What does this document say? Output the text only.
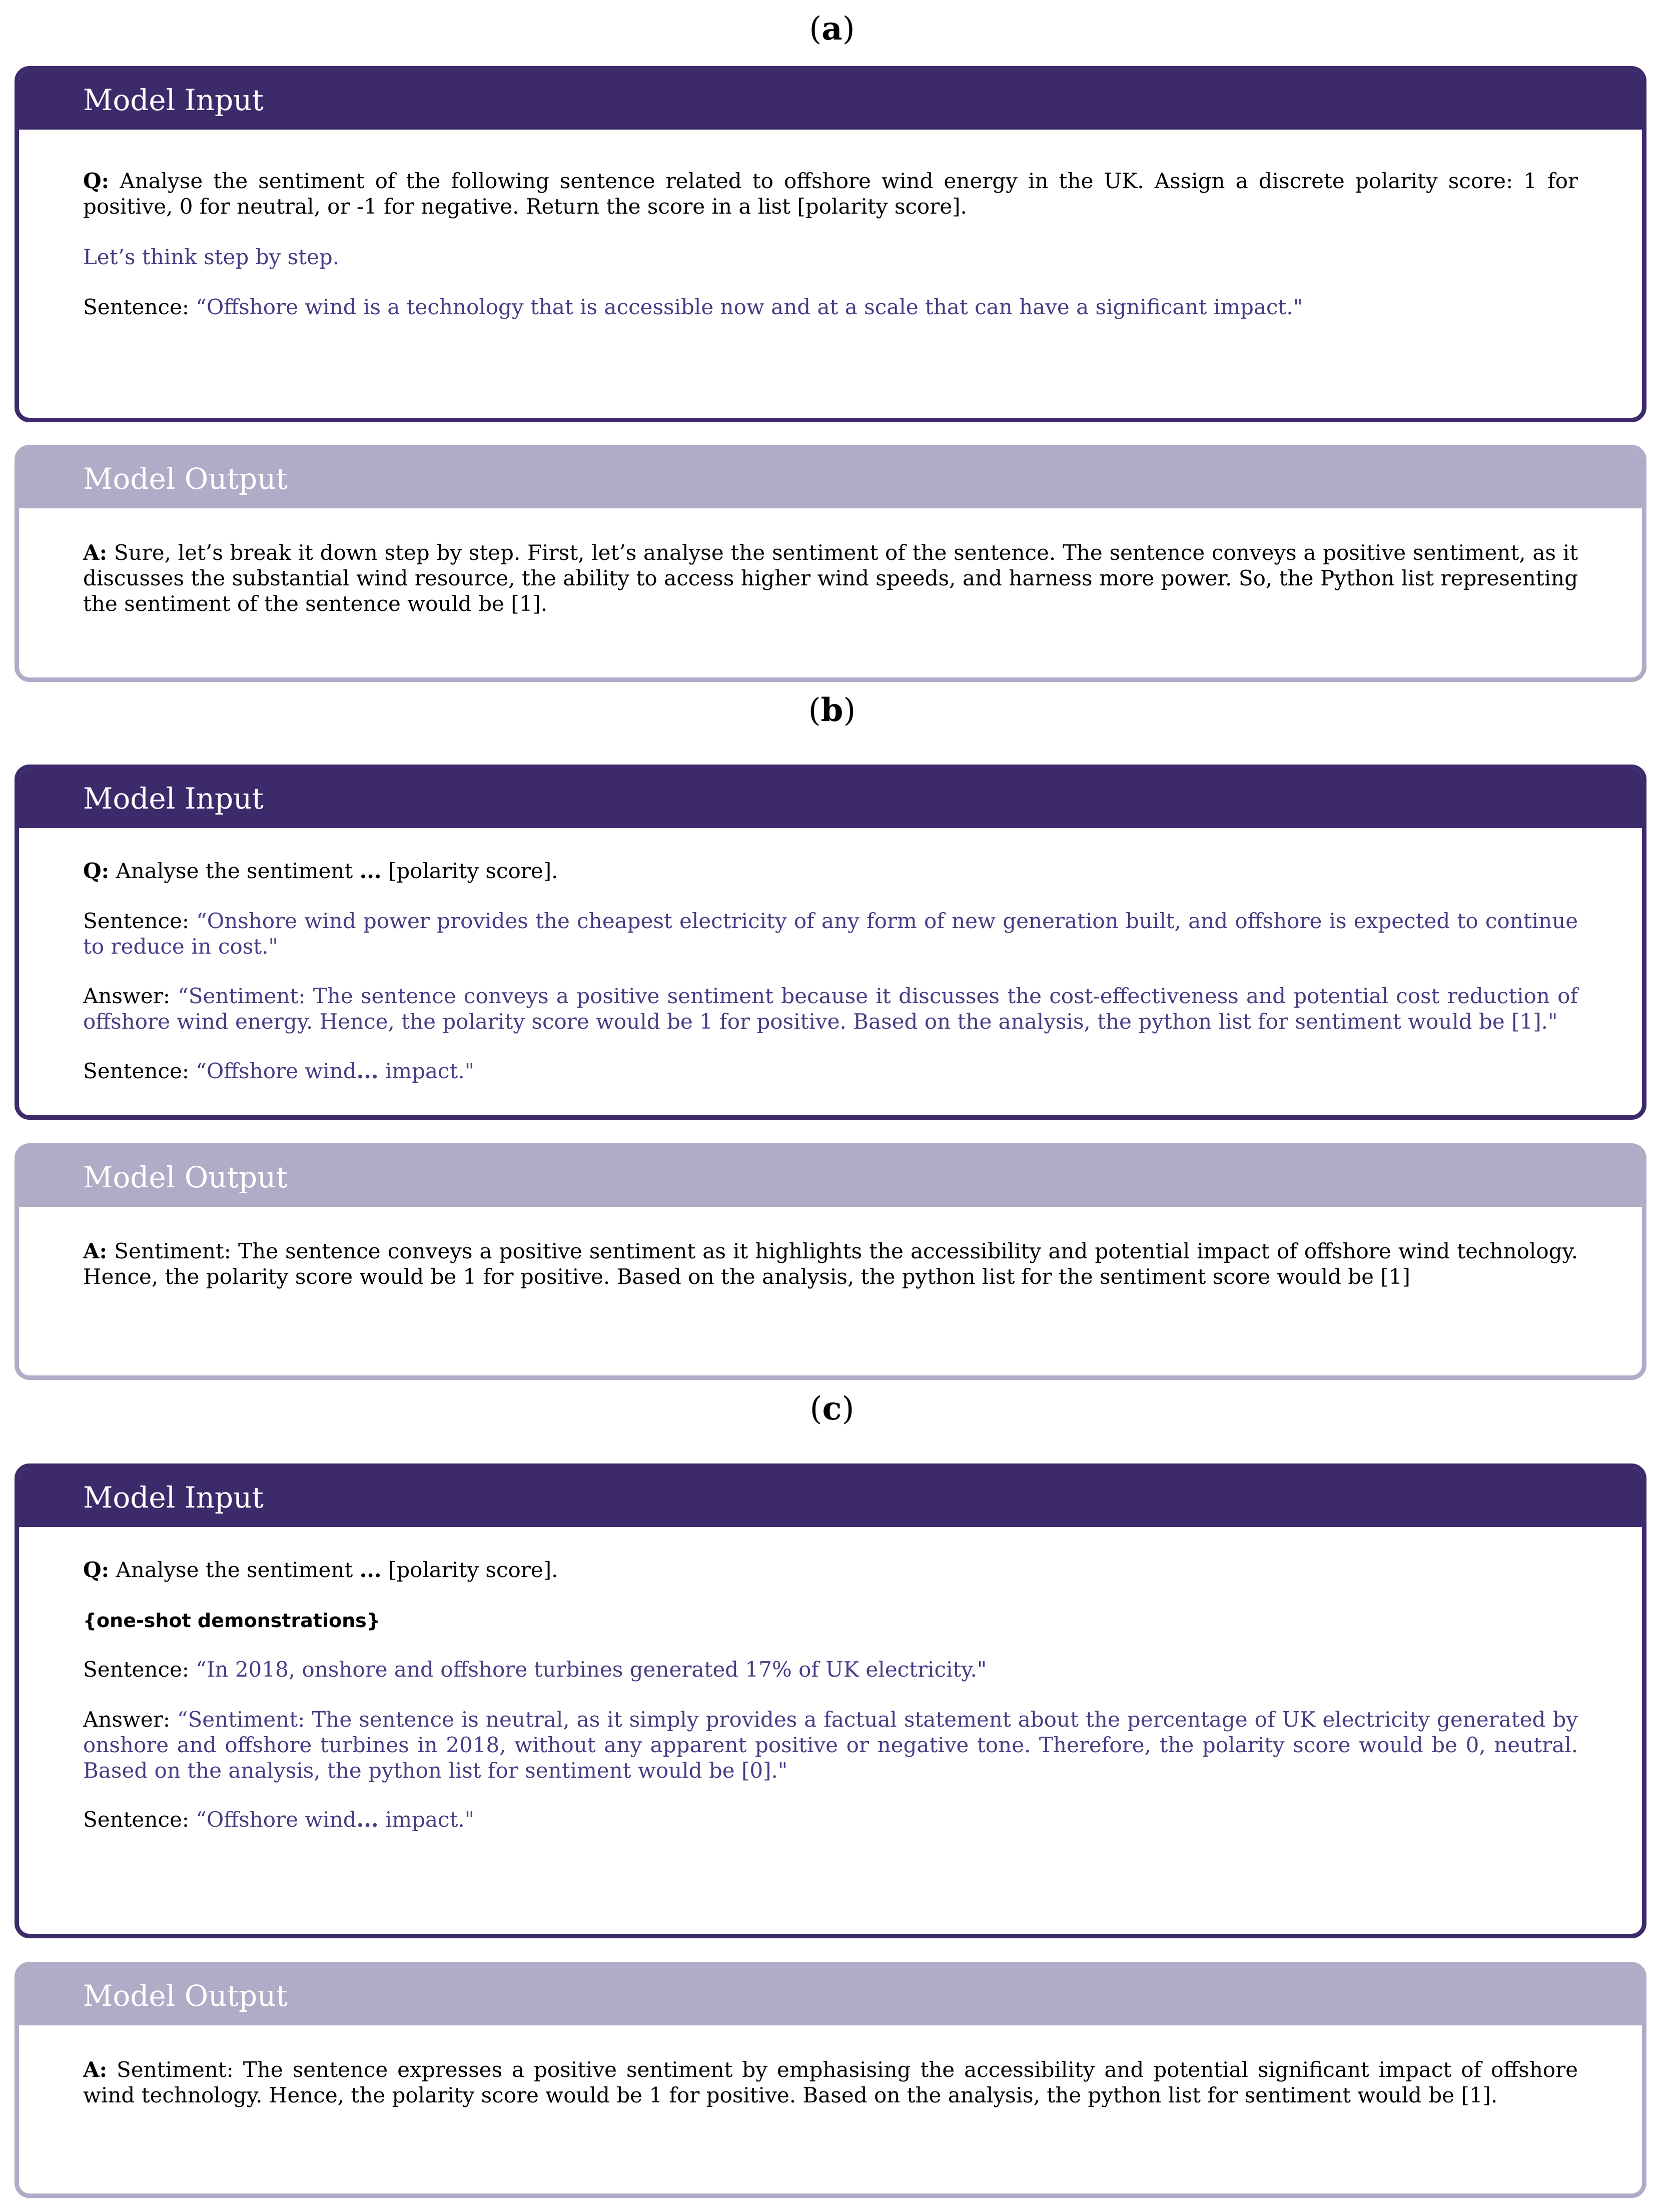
(a)
Model Input
Q: Analyse the sentiment of the following sentence related to offshore wind energy in the UK. Assign a discrete polarity score: 1 for positive, 0 for neutral, or -1 for negative. Return the score in a list [polarity score].
Let’s think step by step.
Sentence: “Offshore wind is a technology that is accessible now and at a scale that can have a significant impact."
Model Output
A: Sure, let’s break it down step by step. First, let’s analyse the sentiment of the sentence. The sentence conveys a positive sentiment, as it discusses the substantial wind resource, the ability to access higher wind speeds, and harness more power. So, the Python list representing the sentiment of the sentence would be [1].
(b)
Model Input
Q: Analyse the sentiment ... [polarity score].
Sentence: “Onshore wind power provides the cheapest electricity of any form of new generation built, and offshore is expected to continue to reduce in cost."
Answer: “Sentiment: The sentence conveys a positive sentiment because it discusses the cost-effectiveness and potential cost reduction of offshore wind energy. Hence, the polarity score would be 1 for positive. Based on the analysis, the python list for sentiment would be [1]."
Sentence: “Offshore wind... impact."
Model Output
A: Sentiment: The sentence conveys a positive sentiment as it highlights the accessibility and potential impact of offshore wind technology. Hence, the polarity score would be 1 for positive. Based on the analysis, the python list for the sentiment score would be [1]
(c)
Model Input
Q: Analyse the sentiment ... [polarity score].
{one-shot demonstrations}
Sentence: “In 2018, onshore and offshore turbines generated 17% of UK electricity."
Answer: “Sentiment: The sentence is neutral, as it simply provides a factual statement about the percentage of UK electricity generated by onshore and offshore turbines in 2018, without any apparent positive or negative tone. Therefore, the polarity score would be 0, neutral. Based on the analysis, the python list for sentiment would be [0]."
Sentence: “Offshore wind... impact."
Model Output
A: Sentiment: The sentence expresses a positive sentiment by emphasising the accessibility and potential significant impact of offshore wind technology. Hence, the polarity score would be 1 for positive. Based on the analysis, the python list for sentiment would be [1].
